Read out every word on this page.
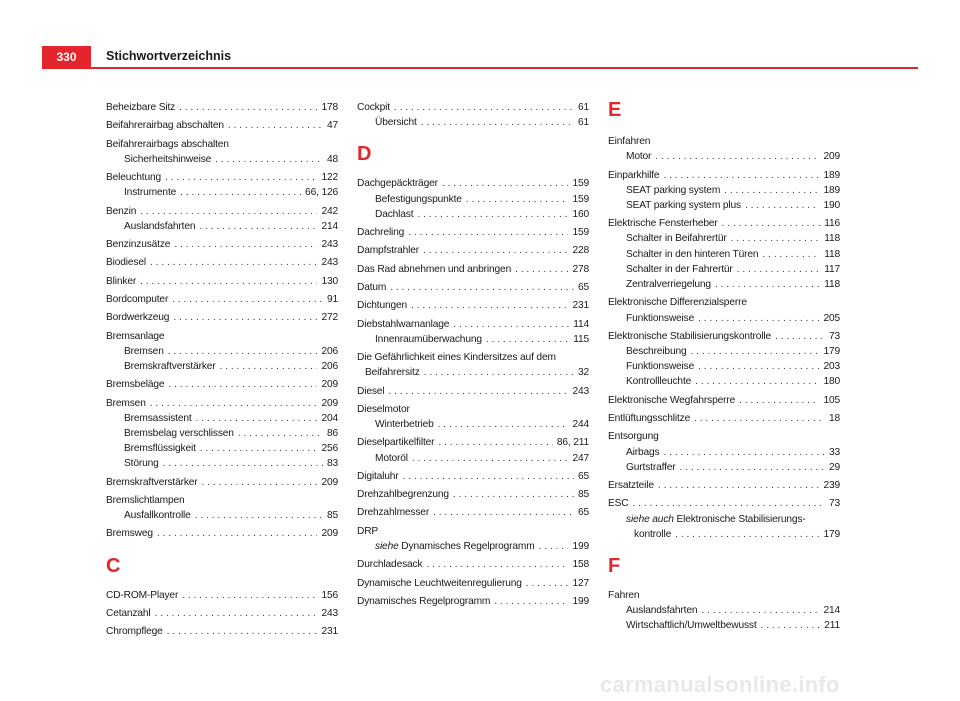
330	Stichwortverzeichnis
Beheizbare Sitz . . .	178
Beifahrerairbag abschalten . . .	47
Beifahrerairbags abschalten
Sicherheitshinweise . . .	48
Beleuchtung . . .	122
Instrumente . . .	66, 126
Benzin . . .	242
Auslandsfahrten . . .	214
Benzinzusätze . . .	243
Biodiesel . . .	243
Blinker . . .	130
Bordcomputer . . .	91
Bordwerkzeug . . .	272
Bremsanlage
Bremsen . . .	206
Bremskraftverstärker . . .	206
Bremsbeläge . . .	209
Bremsen . . .	209
Bremsassistent . . .	204
Bremsbelag verschlissen . . .	86
Bremsflüssigkeit . . .	256
Störung . . .	83
Bremskraftverstärker . . .	209
Bremslichtlampen
Ausfallkontrolle . . .	85
Bremsweg . . .	209
C
CD-ROM-Player . . .	156
Cetanzahl . . .	243
Chrompflege . . .	231
Cockpit . . .	61
Übersicht . . .	61
D
Dachgepäckträger . . .	159
Befestigungspunkte . . .	159
Dachlast . . .	160
Dachreling . . .	159
Dampfstrahler . . .	228
Das Rad abnehmen und anbringen . . .	278
Datum . . .	65
Dichtungen . . .	231
Diebstahlwarnanlage . . .	114
Innenraumüberwachung . . .	115
Die Gefährlichkeit eines Kindersitzes auf dem
Beifahrersitz . . .	32
Diesel . . .	243
Dieselmotor
Winterbetrieb . . .	244
Dieselpartikelfilter . . .	86, 211
Motoröl . . .	247
Digitaluhr . . .	65
Drehzahlbegrenzung . . .	85
Drehzahlmesser . . .	65
DRP
siehe Dynamisches Regelprogramm . . .	199
Durchladesack . . .	158
Dynamische Leuchtweitenregulierung . . .	127
Dynamisches Regelprogramm . . .	199
E
Einfahren
Motor . . .	209
Einparkhilfe . . .	189
SEAT parking system . . .	189
SEAT parking system plus . . .	190
Elektrische Fensterheber . . .	116
Schalter in Beifahrertür . . .	118
Schalter in den hinteren Türen . . .	118
Schalter in der Fahrertür . . .	117
Zentralverriegelung . . .	118
Elektronische Differenzialsperre
Funktionsweise . . .	205
Elektronische Stabilisierungskontrolle . . .	73
Beschreibung . . .	179
Funktionsweise . . .	203
Kontrollleuchte . . .	180
Elektronische Wegfahrsperre . . .	105
Entlüftungsschlitze . . .	18
Entsorgung
Airbags . . .	33
Gurtstraffer . . .	29
Ersatzteile . . .	239
ESC . . .	73
siehe auch Elektronische Stabilisierungs-
kontrolle . . .	179
F
Fahren
Auslandsfahrten . . .	214
Wirtschaftlich/Umweltbewusst . . .	211
carmanualsonline.info
